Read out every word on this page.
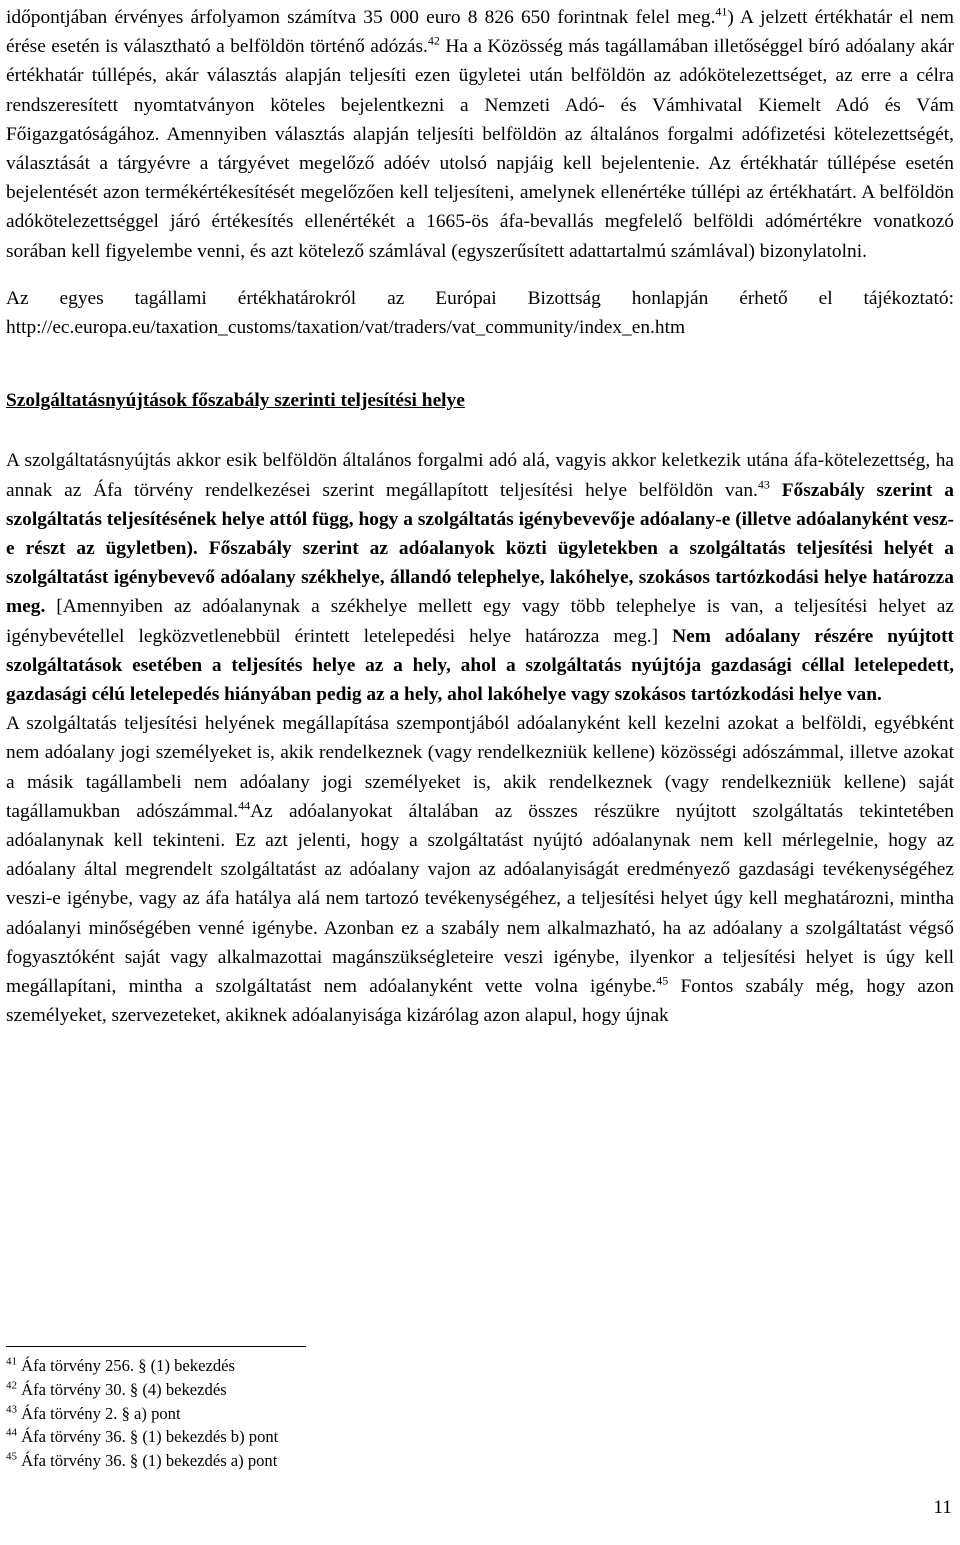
időpontjában érvényes árfolyamon számítva 35 000 euro 8 826 650 forintnak felel meg.$^{41}$) A jelzett értékhatár el nem érése esetén is választható a belföldön történő adózás.$^{42}$ Ha a Közösség más tagállamában illetőséggel bíró adóalany akár értékhatár túllépés, akár választás alapján teljesíti ezen ügyletei után belföldön az adókötelezettséget, az erre a célra rendszeresített nyomtatványon köteles bejelentkezni a Nemzeti Adó- és Vámhivatal Kiemelt Adó és Vám Főigazgatóságához. Amennyiben választás alapján teljesíti belföldön az általános forgalmi adófizetési kötelezettségét, választását a tárgyévre a tárgyévet megelőző adóév utolsó napjáig kell bejelentenie. Az értékhatár túllépése esetén bejelentését azon termékértékesítését megelőzően kell teljesíteni, amelynek ellenértéke túllépi az értékhatárt. A belföldön adókötelezettséggel járó értékesítés ellenértékét a 1665-ös áfa-bevallás megfelelő belföldi adómértékre vonatkozó sorában kell figyelembe venni, és azt kötelező számlával (egyszerűsített adattartalmú számlával) bizonylatolni.

Az egyes tagállami értékhatárokról az Európai Bizottság honlapján érhető el tájékoztató: http://ec.europa.eu/taxation_customs/taxation/vat/traders/vat_community/index_en.htm

Szolgáltatásnyújtások főszabály szerinti teljesítési helye

A szolgáltatásnyújtás akkor esik belföldön általános forgalmi adó alá, vagyis akkor keletkezik utána áfa-kötelezettség, ha annak az Áfa törvény rendelkezései szerint megállapított teljesítési helye belföldön van.$^{43}$ Főszabály szerint a szolgáltatás teljesítésének helye attól függ, hogy a szolgáltatás igénybevevője adóalany-e (illetve adóalanyként vesz-e részt az ügyletben). Főszabály szerint az adóalanyok közti ügyletekben a szolgáltatás teljesítési helyét a szolgáltatást igénybevevő adóalany székhelye, állandó telephelye, lakóhelye, szokásos tartózkodási helye határozza meg. [Amennyiben az adóalanynak a székhelye mellett egy vagy több telephelye is van, a teljesítési helyet az igénybevétellel legközvetlenebbül érintett letelepedési helye határozza meg.] Nem adóalany részére nyújtott szolgáltatások esetében a teljesítés helye az a hely, ahol a szolgáltatás nyújtója gazdasági céllal letelepedett, gazdasági célú letelepedés hiányában pedig az a hely, ahol lakóhelye vagy szokásos tartózkodási helye van.
A szolgáltatás teljesítési helyének megállapítása szempontjából adóalanyként kell kezelni azokat a belföldi, egyébként nem adóalany jogi személyeket is, akik rendelkeznek (vagy rendelkezniük kellene) közösségi adószámmal, illetve azokat a másik tagállambeli nem adóalany jogi személyeket is, akik rendelkeznek (vagy rendelkezniük kellene) saját tagállamukban adószámmal.$^{44}$Az adóalanyokat általában az összes részükre nyújtott szolgáltatás tekintetében adóalanynak kell tekinteni. Ez azt jelenti, hogy a szolgáltatást nyújtó adóalanynak nem kell mérlegelnie, hogy az adóalany által megrendelt szolgáltatást az adóalany vajon az adóalanyiságát eredményező gazdasági tevékenységéhez veszi-e igénybe, vagy az áfa hatálya alá nem tartozó tevékenységéhez, a teljesítési helyet úgy kell meghatározni, mintha adóalanyi minőségében venné igénybe. Azonban ez a szabály nem alkalmazható, ha az adóalany a szolgáltatást végső fogyasztóként saját vagy alkalmazottai magánszükségleteire veszi igénybe, ilyenkor a teljesítési helyet is úgy kell megállapítani, mintha a szolgáltatást nem adóalanyként vette volna igénybe.$^{45}$ Fontos szabály még, hogy azon személyeket, szervezeteket, akiknek adóalanyisága kizárólag azon alapul, hogy újnak

$^{41}$ Áfa törvény 256. § (1) bekezdés

$^{42}$ Áfa törvény 30. § (4) bekezdés

$^{43}$ Áfa törvény 2. § a) pont

$^{44}$ Áfa törvény 36. § (1) bekezdés b) pont

$^{45}$ Áfa törvény 36. § (1) bekezdés a) pont

11
